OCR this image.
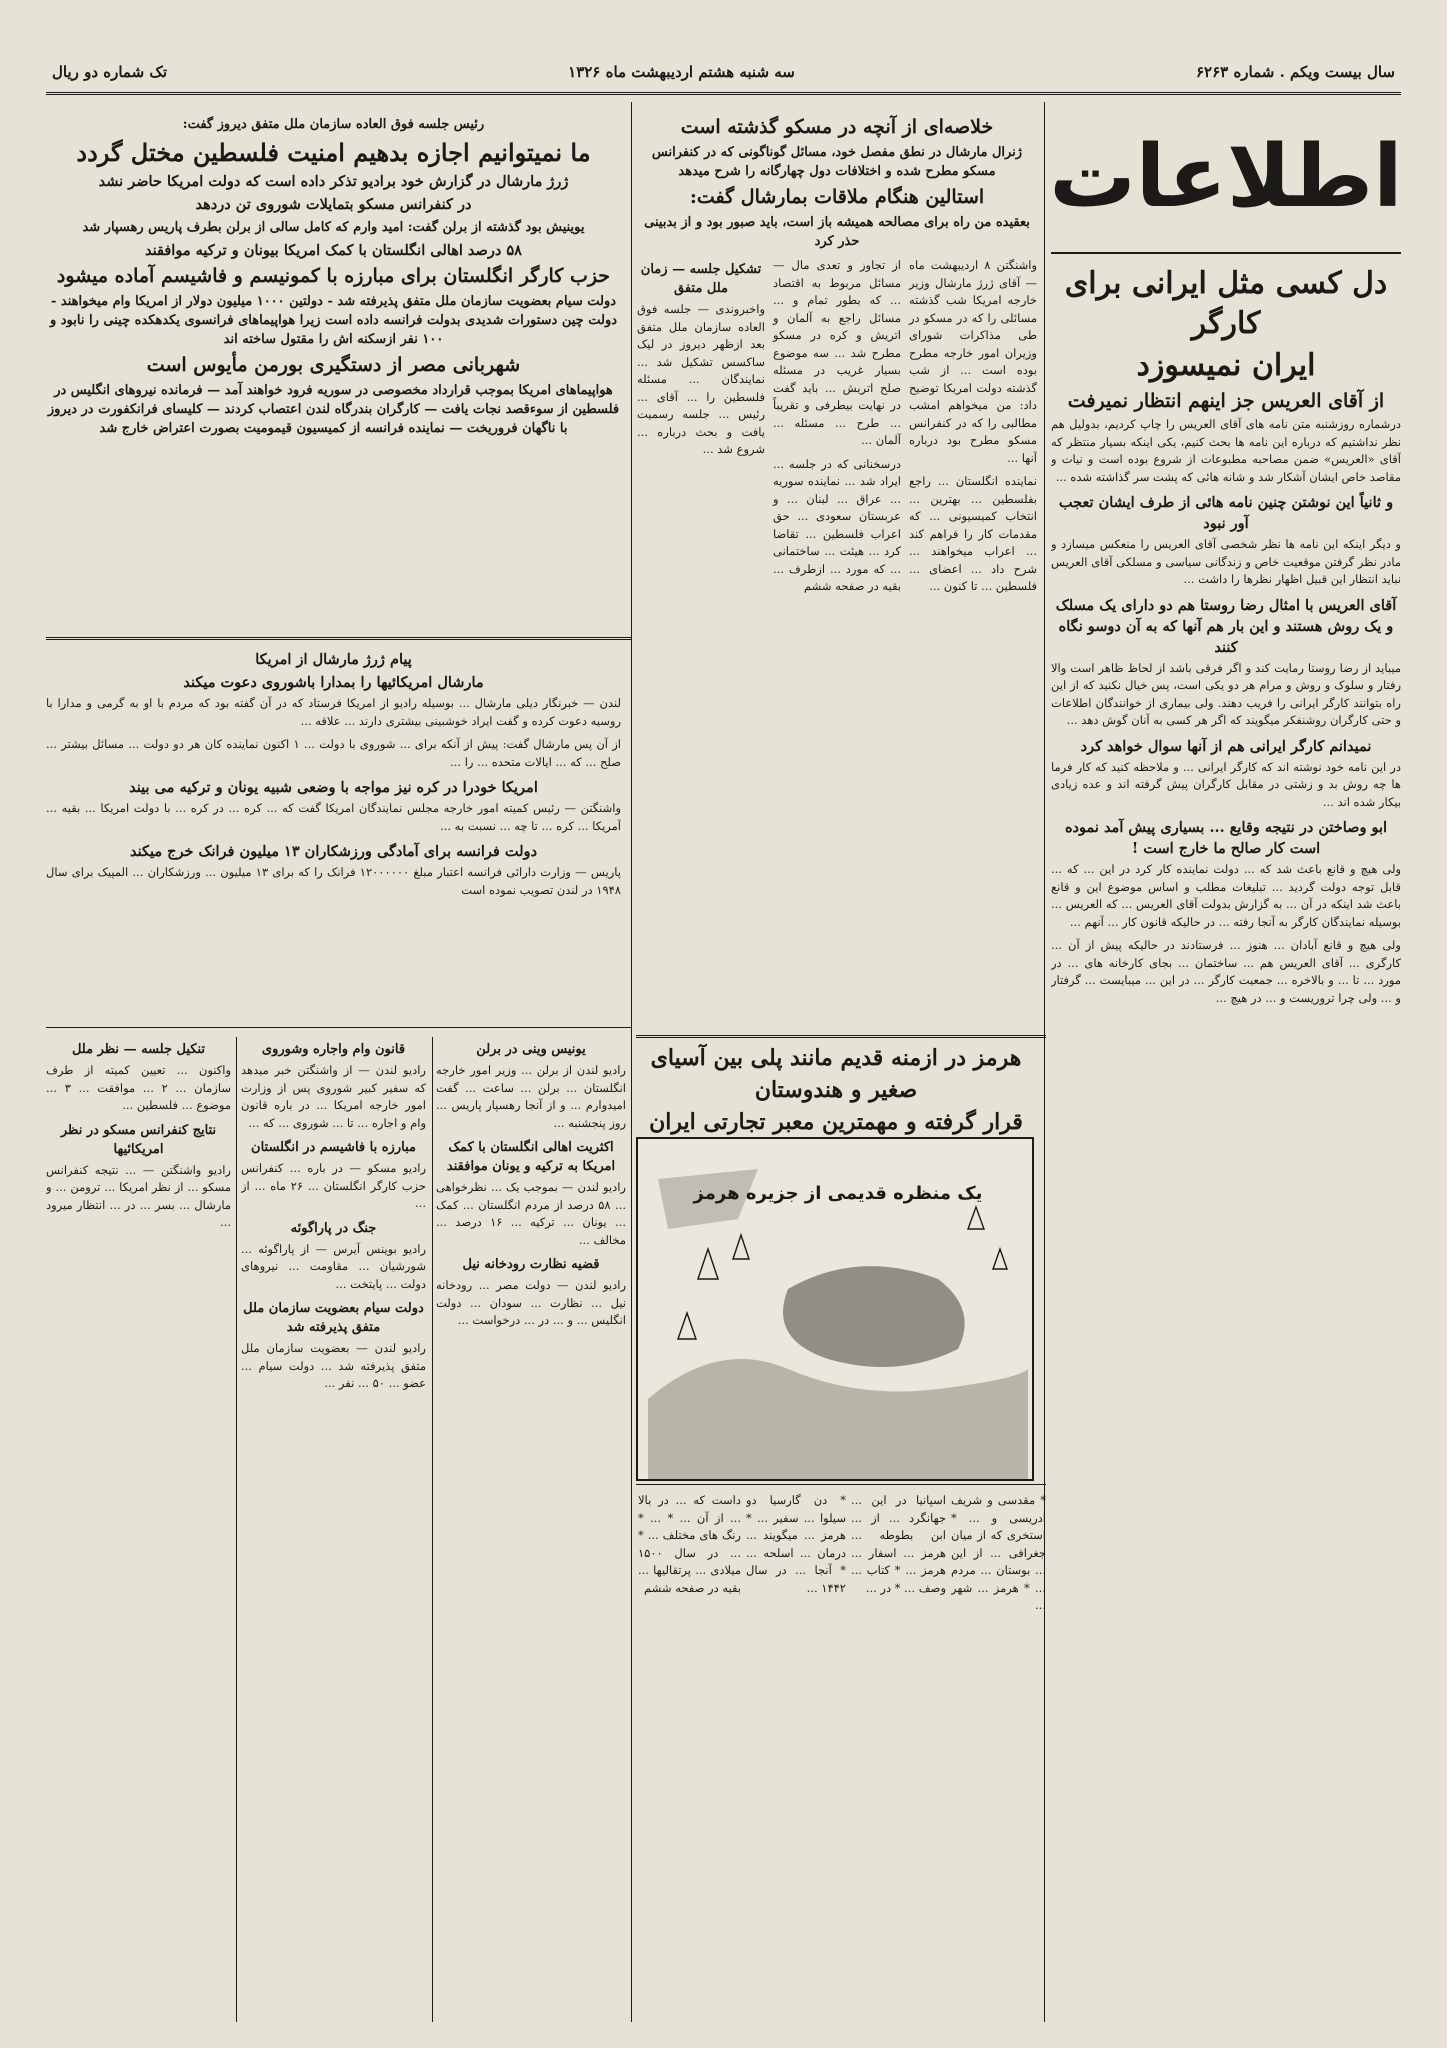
سال بیست ویکم . شماره ۶۲۶۳
سه شنبه هشتم اردیبهشت ماه ۱۳۲۶
تک شماره دو ریال
اطلاعات
دل کسی مثل ایرانی برای کارگر
ایران نمیسوزد
از آقای العریس جز اینهم انتظار نمیرفت

درشماره روزشنبه متن نامه های آقای العریس را چاپ کردیم، بدولیل هم نظر نداشتیم که درباره این نامه ها بحث کنیم، یکی اینکه بسیار منتظر که آقای «العریس» ضمن مصاحبه مطبوعات از شروع بوده است و نیات و مقاصد خاص ایشان آشکار شد و شانه هائی که پشت سر گذاشته شده ...

و ثانیاً این نوشتن چنین نامه هائی از طرف ایشان تعجب آور نبود

و دیگر اینکه این نامه ها نظر شخصی آقای العریس را منعکس میسازد و مادر نظر گرفتن موقعیت خاص و زندگانی سیاسی و مسلکی آقای العریس نباید انتظار این قبیل اظهار نظرها را داشت ...

آقای العریس با امثال رضا روستا هم دو دارای یک مسلک و یک روش هستند و این بار هم آنها که به آن دوسو نگاه کنند

میباید از رضا روستا رمایت کند و اگر فرقی باشد از لحاظ ظاهر است والا رفتار و سلوک و روش و مرام هر دو یکی است، پس خیال نکنید که از این راه بتوانند کارگر ایرانی را فریب دهند. ولی بیماری از خوانندگان اطلاعات و حتی کارگران روشنفکر میگویند که اگر هر کسی به آنان گوش دهد ...

نمیدانم کارگر ایرانی هم از آنها سوال خواهد کرد

در این نامه خود نوشته اند که کارگر ایرانی ... و ملاحظه کنید که کار فرما ها چه روش بد و زشتی در مقابل کارگران پیش گرفته اند و عده زیادی بیکار شده اند ...

ابو وصاختن در نتیجه وقایع ... بسیاری پیش آمد نموده است کار صالح ما خارج است !

ولی هیچ و قانع باعث شد که ... دولت نماینده کار کرد در این ... که ... قابل توجه دولت گردید ... تبلیغات مطلب و اساس موضوع این و قانع باعث شد اینکه در آن ... به گزارش بدولت آقای العریس ... که العریس ... بوسیله نمایندگان کارگر به آنجا رفته ... در حالیکه قانون کار ... آنهم ...

ولی هیچ و قانع آبادان ... هنوز ... فرستادند در حالیکه پیش از آن ... کارگری ... آقای العریس هم ... ساختمان ... بجای کارخانه های ... در مورد ... تا ... و بالاخره ... جمعیت کارگر ... در این ... میبایست ... گرفتار و ... ولی چرا تروریست و ... در هیچ ...

خلاصه‌ای از آنچه در مسکو گذشته است
ژنرال مارشال در نطق مفصل خود، مسائل گوناگونی که در کنفرانس مسکو مطرح شده و اختلافات دول چهارگانه را شرح میدهد
استالین هنگام ملاقات بمارشال گفت:
بعقیده من راه برای مصالحه همیشه باز است، باید صبور بود و از بدبینی حذر کرد

واشنگتن ۸ اردیبهشت ماه — آقای ژرژ مارشال وزیر خارجه امریکا شب گذشته مسائلی را که در مسکو در طی مذاکرات شورای وزیران امور خارجه مطرح بوده است ... از شب گذشته دولت امریکا توضیح داد: من میخواهم امشب مطالبی را که در کنفرانس مسکو مطرح بود درباره آنها ...

نماینده انگلستان ... راجع بفلسطین ... بهترین ... انتخاب کمیسیونی ... که مقدمات کار را فراهم کند ... اعراب میخواهند ... شرح داد ... اعضای ... فلسطین ... تا کنون ...

از تجاوز و تعدی مال — مسائل مربوط به اقتصاد ... که بطور تمام و ... مسائل راجع به آلمان و اتریش و کره در مسکو مطرح شد ... سه موضوع بسیار غریب در مسئله صلح اتریش ... باید گفت در نهایت بیطرفی و تقریباً ... طرح ... مسئله ... آلمان ...

درسخنانی که در جلسه ... ایراد شد ... نماینده سوریه ... عراق ... لبنان ... و عربستان سعودی ... حق اعراب فلسطین ... تقاضا کرد ... هیئت ... ساختمانی ... که مورد ... ازطرف ... بقیه در صفحه ششم

تشکیل جلسه — زمان ملل متفق

واخبروندی — جلسه فوق العاده سازمان ملل متفق بعد ازظهر دیروز در لیک ساکسس تشکیل شد ... نمایندگان ... مسئله فلسطین را ... آقای ... رئیس ... جلسه رسمیت یافت و بحث درباره ... شروع شد ...

رئیس جلسه فوق العاده سازمان ملل متفق دیروز گفت:
ما نمیتوانیم اجازه بدهیم امنیت فلسطین مختل گردد
ژرژ مارشال در گزارش خود برادیو تذکر داده است که دولت امریکا حاضر نشد
در کنفرانس مسکو بتمایلات شوروی تن دردهد
یوینیش بود گذشته از برلن گفت: امید وارم که کامل سالی از برلن بطرف پاریس رهسپار شد
۵۸ درصد اهالی انگلستان با کمک امریکا بیونان و ترکیه موافقند
حزب کارگر انگلستان برای مبارزه با کمونیسم و فاشیسم آماده میشود
دولت سیام بعضویت سازمان ملل متفق پذیرفته شد - دولتین ۱۰۰۰ میلیون دولار از امریکا وام میخواهند - دولت چین دستورات شدیدی بدولت فرانسه داده است زیرا هواپیماهای فرانسوی یکدهکده چینی را نابود و ۱۰۰ نفر ازسکنه اش را مقتول ساخته اند
شهربانی مصر از دستگیری بورمن مأیوس است
هواپیماهای امریکا بموجب قرارداد مخصوصی در سوریه فرود خواهند آمد — فرمانده نیروهای انگلیس در فلسطین از سوءقصد نجات یافت — کارگران بندرگاه لندن اعتصاب کردند — کلیسای فرانکفورت در دیروز با ناگهان فروریخت — نماینده فرانسه از کمیسیون قیمومیت بصورت اعتراض خارج شد
پیام ژرژ مارشال از امریکا
مارشال امریکائیها را بمدارا باشوروی دعوت میکند

لندن — خبرنگار دیلی مارشال ... بوسیله رادیو از امریکا فرستاد که در آن گفته بود که مردم با او به گرمی و مدارا با روسیه دعوت کرده و گفت ایراد خوشبینی بیشتری دارند ... علاقه ...

از آن پس مارشال گفت: پیش از آنکه برای ... شوروی با دولت ... ۱ اکنون نماینده کان هر دو دولت ... مسائل بیشتر ... صلح ... که ... ایالات متحده ... را ...

امریکا خودرا در کره نیز مواجه با وضعی شبیه یونان و ترکیه می بیند

واشنگتن — رئیس کمیته امور خارجه مجلس نمایندگان امریکا گفت که ... کره ... در کره ... با دولت امریکا ... بقیه ... آمریکا ... کره ... تا چه ... نسبت به ...

دولت فرانسه برای آمادگی ورزشکاران ۱۳ میلیون فرانک خرج میکند

پاریس — وزارت دارائی فرانسه اعتبار مبلغ ۱۲۰۰۰۰۰۰ فرانک را که برای ۱۳ میلیون ... ورزشکاران ... المپیک برای سال ۱۹۴۸ در لندن تصویب نموده است

یونیس وینی در برلن

رادیو لندن از برلن ... وزیر امور خارجه انگلستان ... برلن ... ساعت ... گفت امیدوارم ... و از آنجا رهسپار پاریس ... روز پنجشنبه ...

اکثریت اهالی انگلستان با کمک امریکا به ترکیه و یونان موافقند

رادیو لندن — بموجب یک ... نظرخواهی ... ۵۸ درصد از مردم انگلستان ... کمک ... یونان ... ترکیه ... ۱۶ درصد ... مخالف ...

قضیه نظارت رودخانه نیل

رادیو لندن — دولت مصر ... رودخانه نیل ... نظارت ... سودان ... دولت انگلیس ... و ... در ... درخواست ...

قانون وام واجاره وشوروی

رادیو لندن — از واشنگتن خبر میدهد که سفیر کبیر شوروی پس از وزارت امور خارجه امریکا ... در باره قانون وام و اجاره ... تا ... شوروی ... که ...

مبارزه با فاشیسم در انگلستان

رادیو مسکو — در باره ... کنفرانس حزب کارگر انگلستان ... ۲۶ ماه ... از ...

جنگ در پاراگوئه

رادیو بوینس آیرس — از پاراگوئه ... شورشیان ... مقاومت ... نیروهای دولت ... پایتخت ...

دولت سیام بعضویت سازمان ملل متفق پذیرفته شد

رادیو لندن — بعضویت سازمان ملل متفق پذیرفته شد ... دولت سیام ... عضو ... ۵۰ ... نفر ...

تنکیل جلسه — نظر ملل

واکنون ... تعیین کمیته از طرف سازمان ... ۲ ... موافقت ... ۳ ... موضوع ... فلسطین ...

نتایج کنفرانس مسکو در نظر امریکائیها

رادیو واشنگتن — ... نتیجه کنفرانس مسکو ... از نظر امریکا ... ترومن ... و مارشال ... بسر ... در ... انتظار میرود ...

هرمز در ازمنه قدیم مانند پلی بین آسیای صغیر و هندوستان
قرار گرفته و مهمترین معبر تجارتی ایران
یک منظره قدیمی از جزیره هرمز

* مقدسی و شریف ادریسی و ... * استخری که از میان جغرافی ... از این ... بوستان ... مردم ... * هرمز ... شهر ...

اسپانیا در این ... جهانگرد ... از ... ابن بطوطه ... هرمز ... اسفار ... هرمز ... * کتاب ... وصف ... * در ...

* دن گارسیا دو سیلوا ... سفیر ... * هرمز ... میگویند ... درمان ... اسلحه ... * آنجا ... در سال ۱۴۴۲ ...

داست که ... در بالا ... از آن ... * ... * رنگ های مختلف ... * ... در سال ۱۵۰۰ میلادی ... پرتقالیها ... بقیه در صفحه ششم
